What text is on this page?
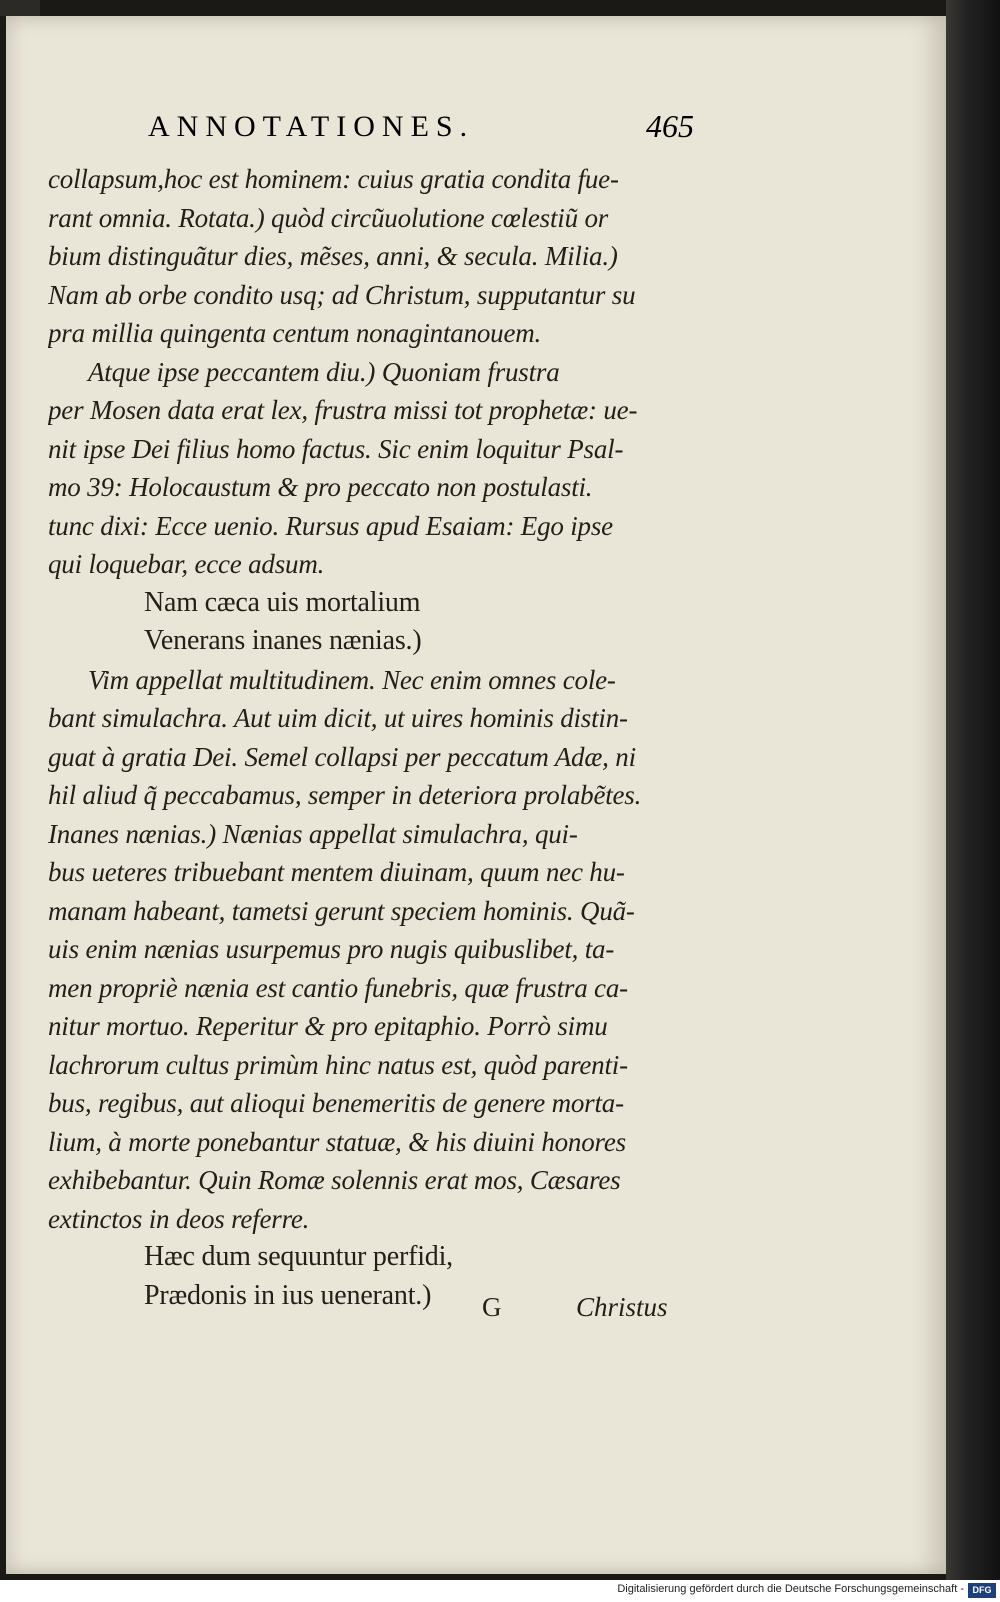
ANNOTATIONES.	465
collapsum,hoc est hominem: cuius gratia condita fue-
rant omnia. Rotata.) quòd circũuolutione cœlestiũ or
bium distinguãtur dies, mẽses, anni, & secula. Milia.)
Nam ab orbe condito usq; ad Christum, supputantur su
pra millia quingenta centum nonagintanouem.
Atque ipse peccantem diu.) Quoniam frustra
per Mosen data erat lex, frustra missi tot prophetæ: ue-
nit ipse Dei filius homo factus. Sic enim loquitur Psal-
mo 39: Holocaustum & pro peccato non postulasti.
tunc dixi: Ecce uenio. Rursus apud Esaiam: Ego ipse
qui loquebar, ecce adsum.
Nam cæca uis mortalium
Venerans inanes nænias.)
Vim appellat multitudinem. Nec enim omnes cole-
bant simulachra. Aut uim dicit, ut uires hominis distin-
guat à gratia Dei. Semel collapsi per peccatum Adæ, ni
hil aliud q̃ peccabamus, semper in deteriora prolabẽtes.
Inanes nænias.) Nænias appellat simulachra, qui-
bus ueteres tribuebant mentem diuinam, quum nec hu-
manam habeant, tametsi gerunt speciem hominis. Quã-
uis enim nænias usurpemus pro nugis quibuslibet, ta-
men propriè nænia est cantio funebris, quæ frustra ca-
nitur mortuo. Reperitur & pro epitaphio. Porrò simu
lachrorum cultus primùm hinc natus est, quòd parenti-
bus, regibus, aut alioqui benemeritis de genere morta-
lium, à morte ponebantur statuæ, & his diuini honores
exhibebantur. Quin Romæ solennis erat mos, Cæsares
extinctos in deos referre.
Hæc dum sequuntur perfidi,
Prædonis in ius uenerant.)	G	Christus
Digitalisierung gefördert durch die Deutsche Forschungsgemeinschaft - DFG
